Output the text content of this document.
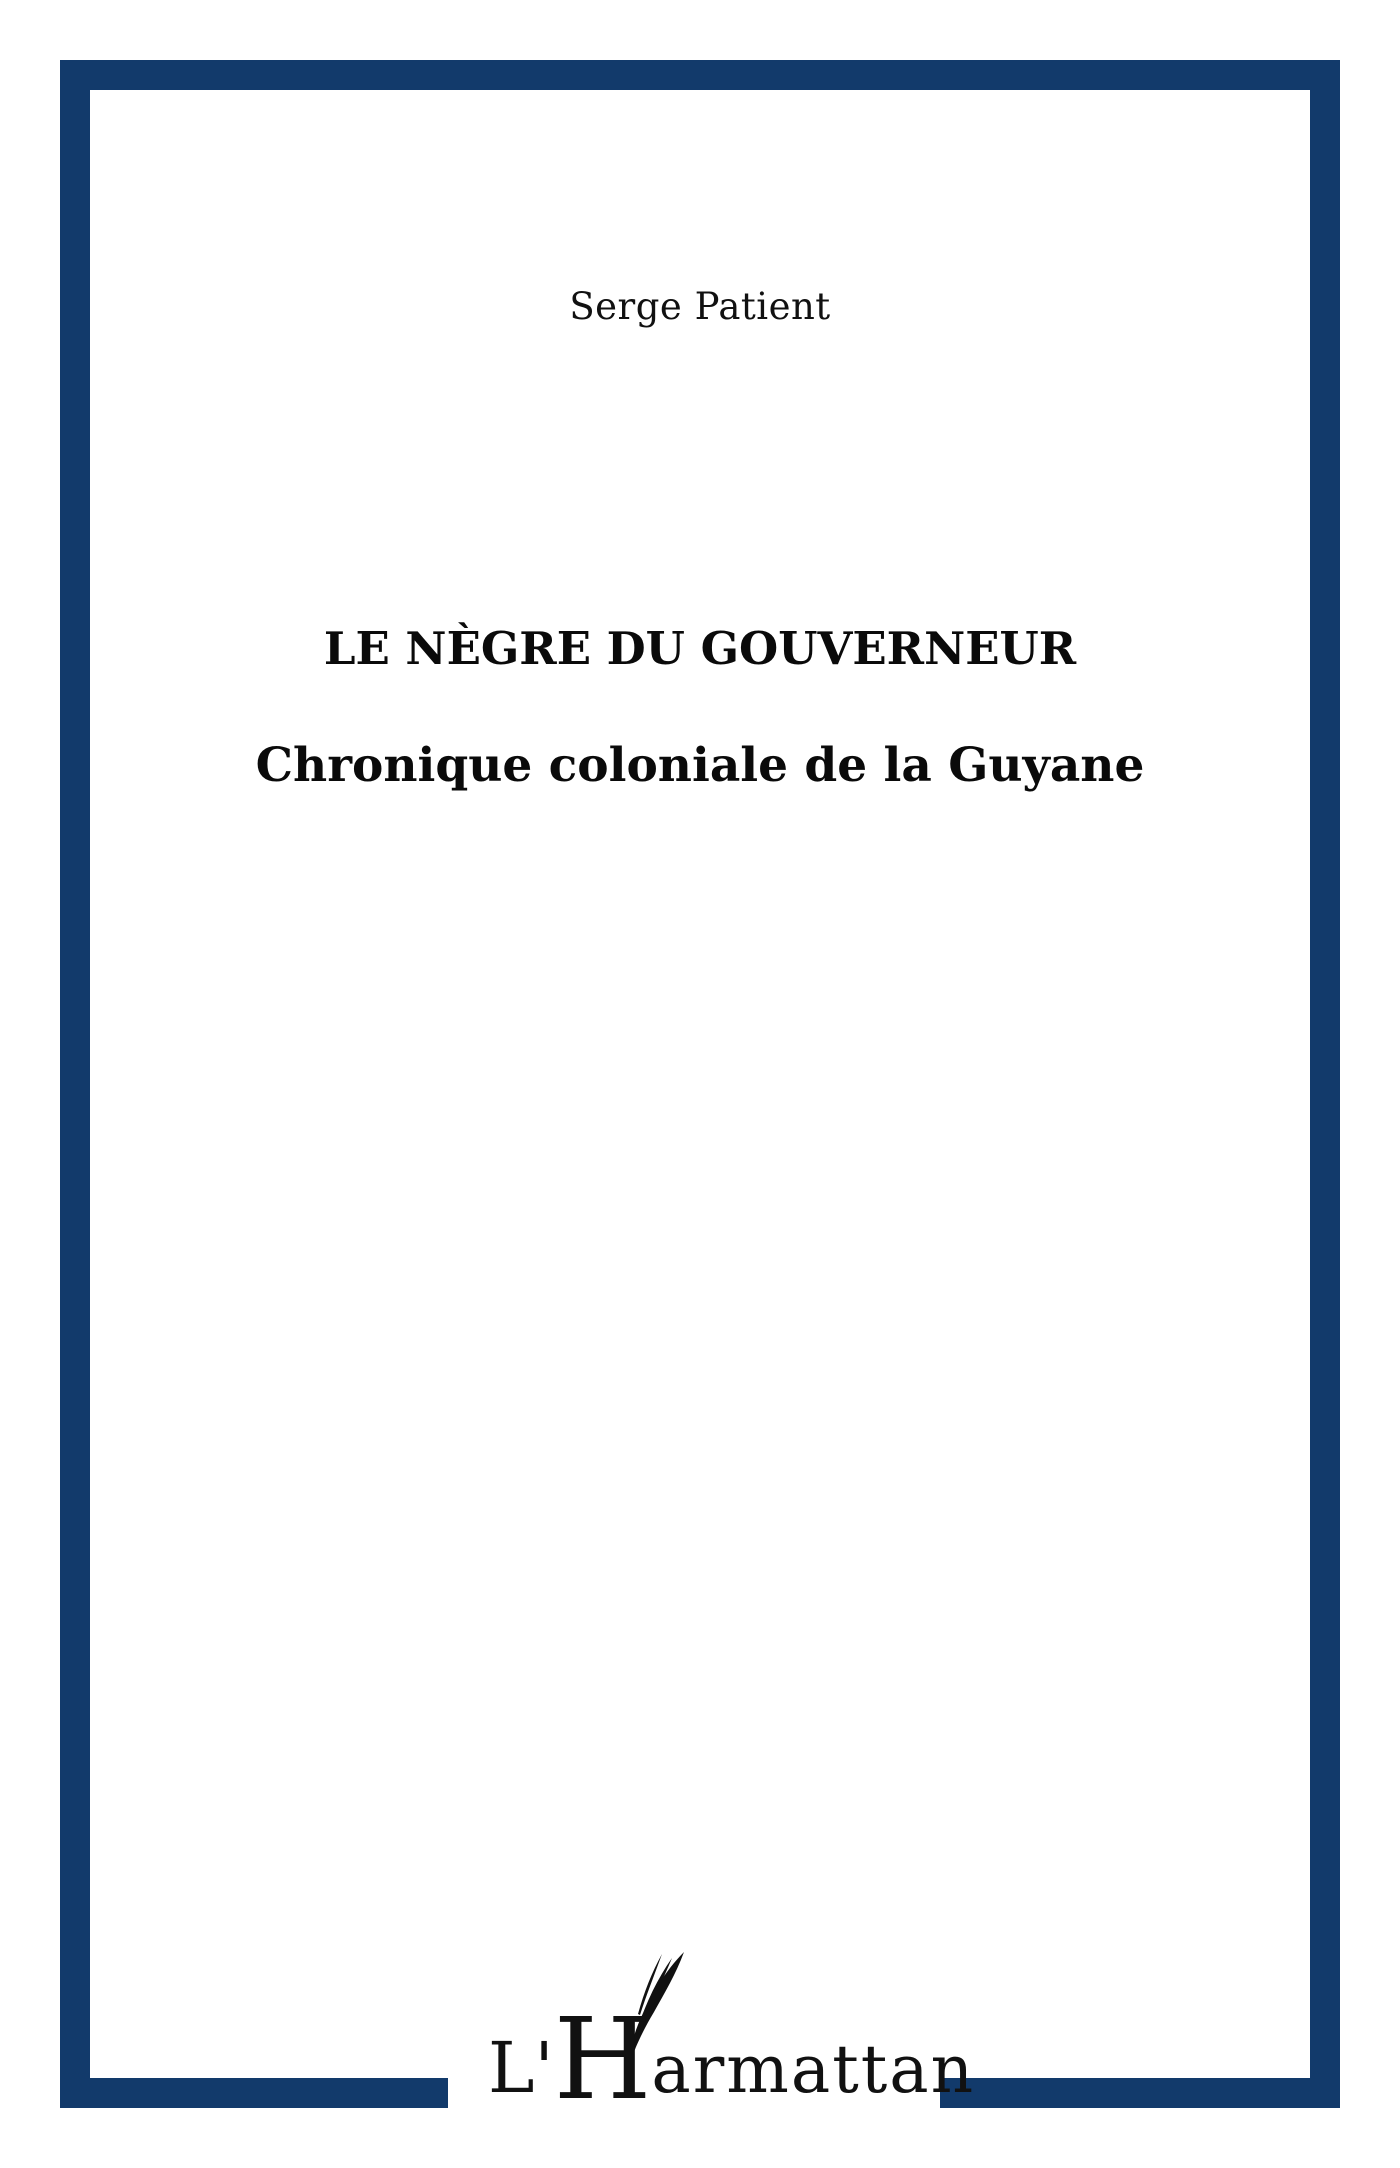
Serge Patient
LE NÈGRE DU GOUVERNEUR
Chronique coloniale de la Guyane
L'Harmattan
